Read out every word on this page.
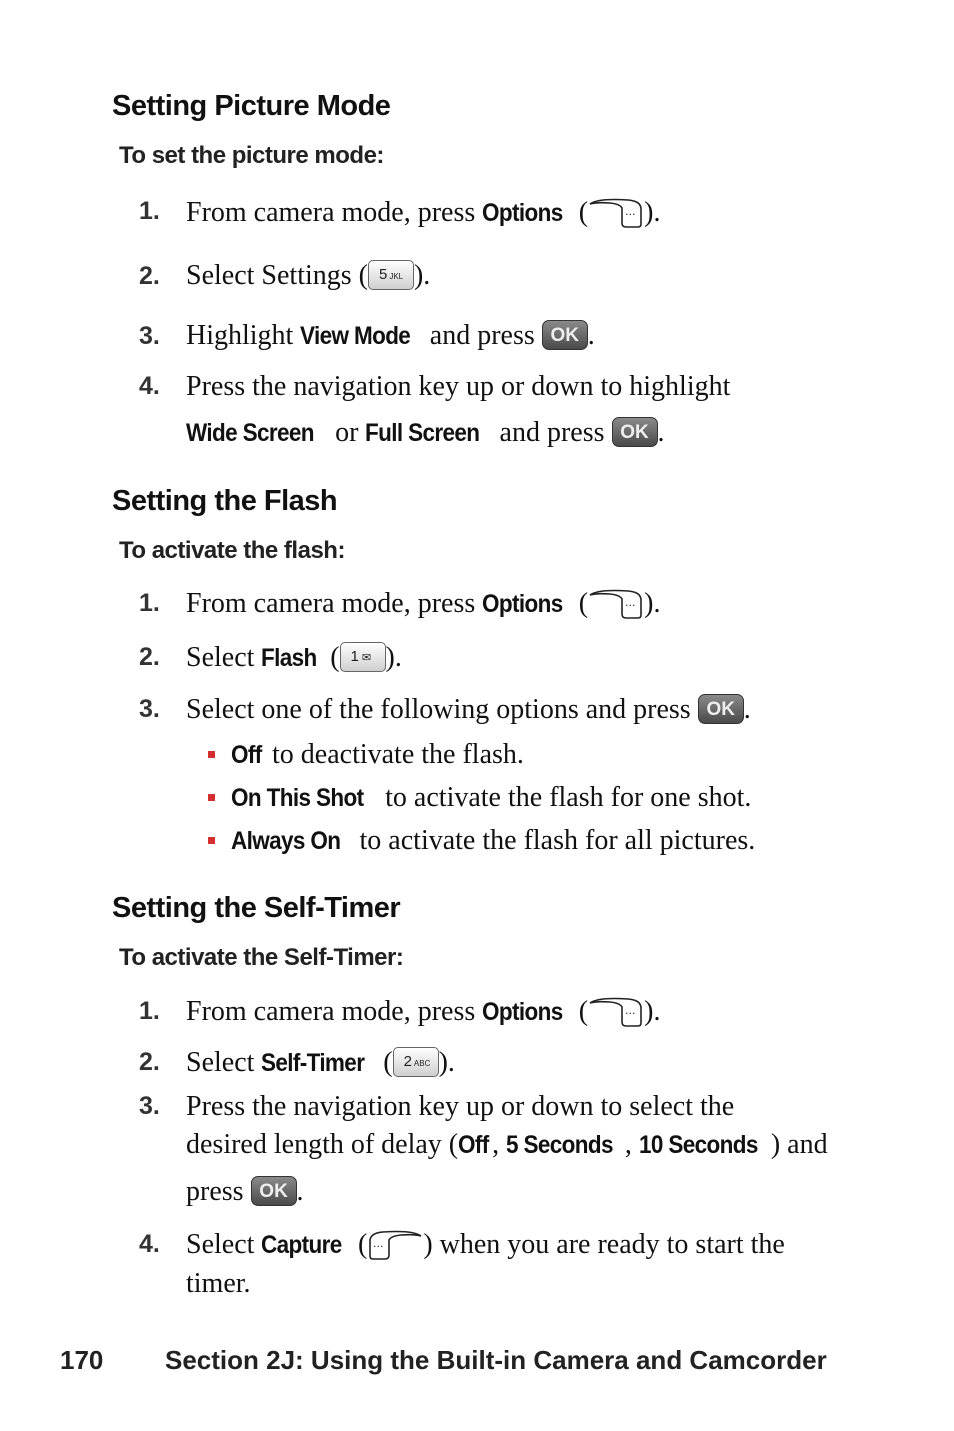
Setting Picture Mode
To set the picture mode:
1. From camera mode, press Options (	··· ).
2. Select Settings ( 5 JKL ).
3. Highlight View Mode and press OK .
4. Press the navigation key up or down to highlight
Wide Screen or Full Screen and press OK .
Setting the Flash
To activate the flash:
1. From camera mode, press Options (	··· ).
2. Select Flash ( 1 ✉ ).
3. Select one of the following options and press OK .
Off to deactivate the flash.
On This Shot to activate the flash for one shot.
Always On to activate the flash for all pictures.
Setting the Self-Timer
To activate the Self-Timer:
1. From camera mode, press Options (	··· ).
2. Select Self-Timer ( 2 ABC ).
3. Press the navigation key up or down to select the
desired length of delay (Off , 5 Seconds , 10 Seconds ) and
press OK .
4. Select Capture ( ··· ) when you are ready to start the
timer.
170 Section 2J: Using the Built-in Camera and Camcorder
